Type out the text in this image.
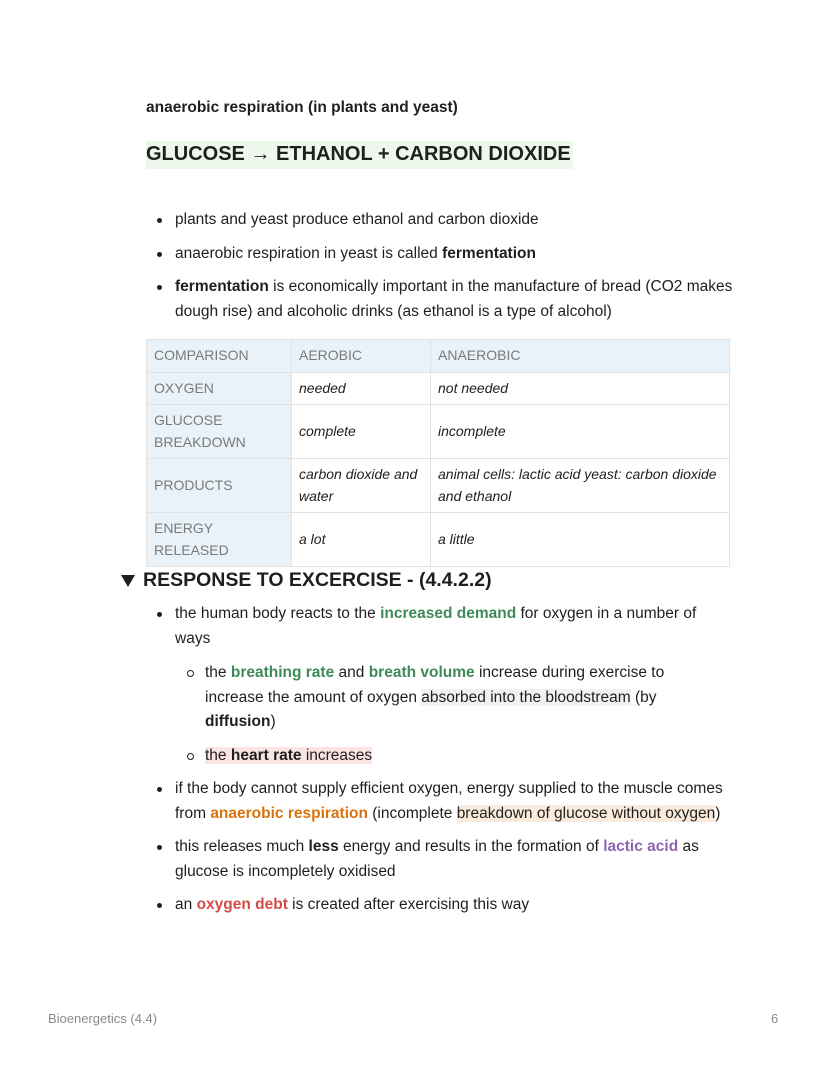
anaerobic respiration (in plants and yeast)

GLUCOSE → ETHANOL + CARBON DIOXIDE

plants and yeast produce ethanol and carbon dioxide
anaerobic respiration in yeast is called fermentation
fermentation is economically important in the manufacture of bread (CO2 makes dough rise) and alcoholic drinks (as ethanol is a type of alcohol)
COMPARISON	AEROBIC	ANAEROBIC
OXYGEN	needed	not needed
GLUCOSE BREAKDOWN	complete	incomplete
PRODUCTS	carbon dioxide and water	animal cells: lactic acid yeast: carbon dioxide and ethanol
ENERGY RELEASED	a lot	a little
RESPONSE TO EXCERCISE - (4.4.2.2)
the human body reacts to the increased demand for oxygen in a number of ways
the breathing rate and breath volume increase during exercise to increase the amount of oxygen absorbed into the bloodstream (by diffusion)
the heart rate increases
if the body cannot supply efficient oxygen, energy supplied to the muscle comes from anaerobic respiration (incomplete breakdown of glucose without oxygen)
this releases much less energy and results in the formation of lactic acid as glucose is incompletely oxidised
an oxygen debt is created after exercising this way
Bioenergetics (4.4)	6
